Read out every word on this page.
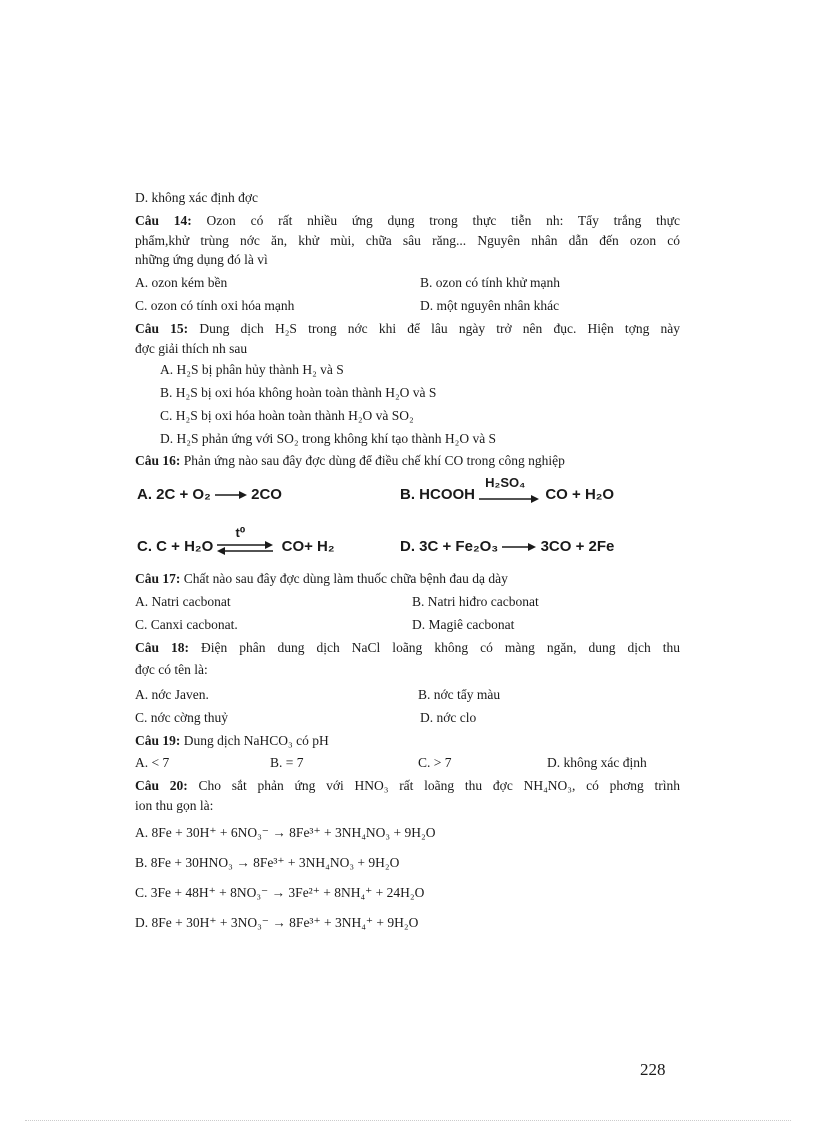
D. không xác định đợc
Câu 14: Ozon có rất nhiều ứng dụng trong thực tiễn nh: Tẩy trắng thực
phẩm,khử trùng nớc ăn, khử mùi, chữa sâu răng... Nguyên nhân dẫn đến ozon có
những ứng dụng đó là vì
A. ozon kém bền	B. ozon có tính khử mạnh
C. ozon có tính oxi hóa mạnh	D. một nguyên nhân khác
Câu 15: Dung dịch H₂S trong nớc khi để lâu ngày trở nên đục. Hiện tợng này
đợc giải thích nh sau
A. H₂S bị phân hủy thành H₂ và S
B. H₂S bị oxi hóa không hoàn toàn thành H₂O và S
C. H₂S bị oxi hóa hoàn toàn thành H₂O và SO₂
D. H₂S phản ứng với SO₂ trong không khí tạo thành H₂O và S
Câu 16: Phản ứng nào sau đây đợc dùng để điều chế khí CO trong công nghiệp
A. 2C + O₂ → 2CO	B. HCOOH
H₂SO₄
CO + H₂O
C. C + H₂O
t⁰
CO+ H₂	D. 3C + Fe₂O₃ → 3CO + 2Fe
Câu 17: Chất nào sau đây đợc dùng làm thuốc chữa bệnh đau dạ dày
A. Natri cacbonat	B. Natri hiđro cacbonat
C. Canxi cacbonat.	D. Magiê cacbonat
Câu 18: Điện phân dung dịch NaCl loãng không có màng ngăn, dung dịch thu
đợc có tên là:
A. nớc Javen.	B. nớc tẩy màu
C. nớc cờng thuỷ	D. nớc clo
Câu 19: Dung dịch NaHCO₃ có pH
A. < 7	B. = 7	C. > 7	D. không xác định
Câu 20: Cho sắt phản ứng với HNO₃ rất loãng thu đợc NH₄NO₃, có phơng trình
ion thu gọn là:
A. 8Fe + 30H⁺ + 6NO₃⁻ → 8Fe³⁺ + 3NH₄NO₃ + 9H₂O
B. 8Fe + 30HNO₃ → 8Fe³⁺ + 3NH₄NO₃ + 9H₂O
C. 3Fe + 48H⁺ + 8NO₃⁻ → 3Fe²⁺ + 8NH₄⁺ + 24H₂O
D. 8Fe + 30H⁺ + 3NO₃⁻ → 8Fe³⁺ + 3NH₄⁺ + 9H₂O
228
